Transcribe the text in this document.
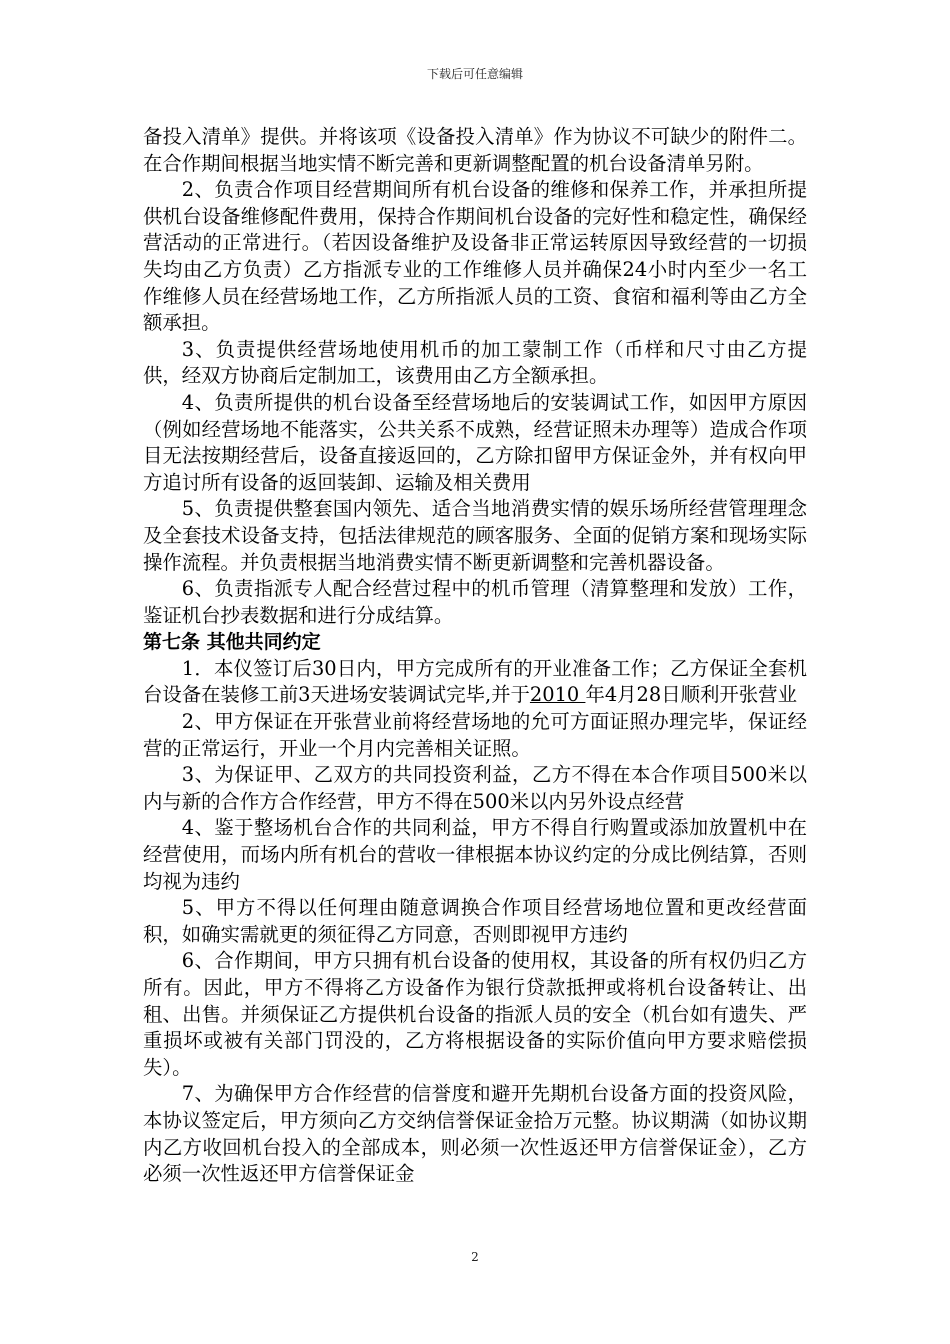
下载后可任意编辑

备投入清单》提供。并将该项《设备投入清单》作为协议不可缺少的附件二。在合作期间根据当地实情不断完善和更新调整配置的机台设备清单另附。

2、负责合作项目经营期间所有机台设备的维修和保养工作，并承担所提供机台设备维修配件费用，保持合作期间机台设备的完好性和稳定性，确保经营活动的正常进行。（若因设备维护及设备非正常运转原因导致经营的一切损失均由乙方负责）乙方指派专业的工作维修人员并确保24小时内至少一名工作维修人员在经营场地工作，乙方所指派人员的工资、食宿和福利等由乙方全额承担。

3、负责提供经营场地使用机币的加工蒙制工作（币样和尺寸由乙方提供，经双方协商后定制加工，该费用由乙方全额承担。

4、负责所提供的机台设备至经营场地后的安装调试工作，如因甲方原因（例如经营场地不能落实，公共关系不成熟，经营证照未办理等）造成合作项目无法按期经营后，设备直接返回的，乙方除扣留甲方保证金外，并有权向甲方追讨所有设备的返回装卸、运输及相关费用

5、负责提供整套国内领先、适合当地消费实情的娱乐场所经营管理理念及全套技术设备支持，包括法律规范的顾客服务、全面的促销方案和现场实际操作流程。并负责根据当地消费实情不断更新调整和完善机器设备。

6、负责指派专人配合经营过程中的机币管理（清算整理和发放）工作，鉴证机台抄表数据和进行分成结算。

第七条 其他共同约定

1．本仪签订后30日内，甲方完成所有的开业准备工作；乙方保证全套机台设备在装修工前3天进场安装调试完毕,并于2010 年4月28日顺利开张营业

2、甲方保证在开张营业前将经营场地的允可方面证照办理完毕，保证经营的正常运行，开业一个月内完善相关证照。

3、为保证甲、乙双方的共同投资利益，乙方不得在本合作项目500米以内与新的合作方合作经营，甲方不得在500米以内另外设点经营

4、鉴于整场机台合作的共同利益，甲方不得自行购置或添加放置机中在经营使用，而场内所有机台的营收一律根据本协议约定的分成比例结算，否则均视为违约

5、甲方不得以任何理由随意调换合作项目经营场地位置和更改经营面积，如确实需就更的须征得乙方同意，否则即视甲方违约

6、合作期间，甲方只拥有机台设备的使用权，其设备的所有权仍归乙方所有。因此，甲方不得将乙方设备作为银行贷款抵押或将机台设备转让、出租、出售。并须保证乙方提供机台设备的指派人员的安全（机台如有遗失、严重损坏或被有关部门罚没的，乙方将根据设备的实际价值向甲方要求赔偿损失）。

7、为确保甲方合作经营的信誉度和避开先期机台设备方面的投资风险，本协议签定后，甲方须向乙方交纳信誉保证金拾万元整。协议期满（如协议期内乙方收回机台投入的全部成本，则必须一次性返还甲方信誉保证金），乙方必须一次性返还甲方信誉保证金

2
